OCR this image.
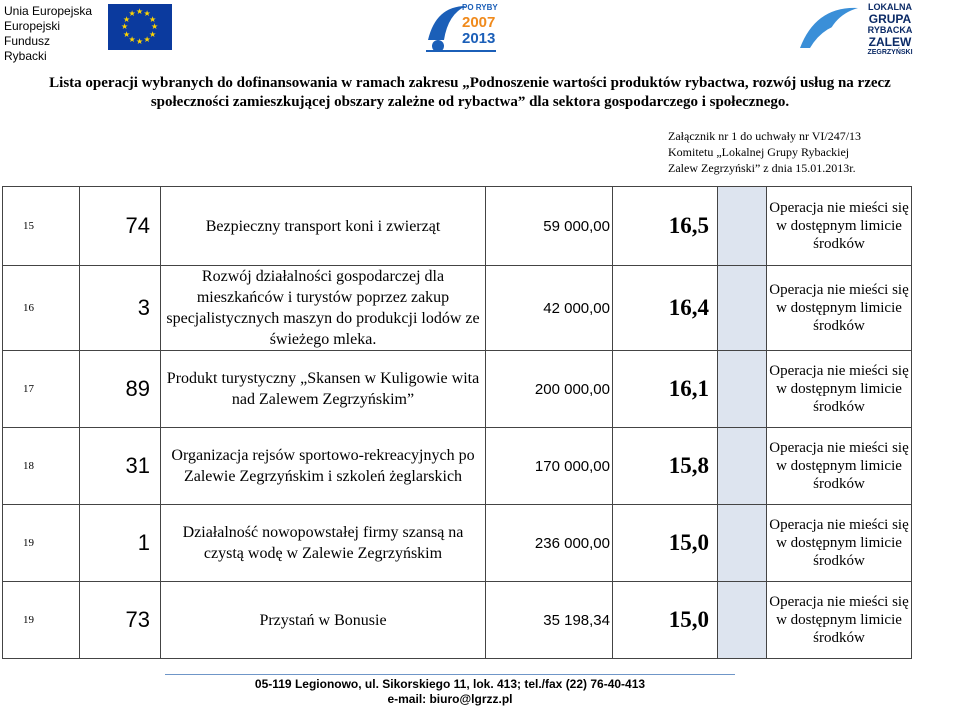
Unia Europejska
Europejski
Fundusz Rybacki
★
★
★
★
★
★
★
★
★ ★ ★
★
PO RYBY
2007
2013
LOKALNA
GRUPA
RYBACKA
ZALEW
ZEGRZYŃSKI
Lista operacji wybranych do dofinansowania w ramach zakresu „Podnoszenie wartości produktów rybactwa, rozwój usług na rzecz społeczności zamieszkującej obszary zależne od rybactwa” dla sektora gospodarczego i społecznego.
Załącznik nr 1 do uchwały nr VI/247/13
Komitetu „Lokalnej Grupy Rybackiej
Zalew Zegrzyński” z dnia 15.01.2013r.
15	74	Bezpieczny transport koni i zwierząt	59 000,00	16,5		Operacja nie mieści się w dostępnym limicie środków
16	3	Rozwój działalności gospodarczej dla mieszkańców i turystów poprzez zakup specjalistycznych maszyn do produkcji lodów ze świeżego mleka.	42 000,00	16,4		Operacja nie mieści się w dostępnym limicie środków
17	89	Produkt turystyczny „Skansen w Kuligowie wita nad Zalewem Zegrzyńskim”	200 000,00	16,1		Operacja nie mieści się w dostępnym limicie środków
18	31	Organizacja rejsów sportowo-rekreacyjnych po Zalewie Zegrzyńskim i szkoleń żeglarskich	170 000,00	15,8		Operacja nie mieści się w dostępnym limicie środków
19	1	Działalność nowopowstałej firmy szansą na czystą wodę w Zalewie Zegrzyńskim	236 000,00	15,0		Operacja nie mieści się w dostępnym limicie środków
19	73	Przystań w Bonusie	35 198,34	15,0		Operacja nie mieści się w dostępnym limicie środków
05-119 Legionowo, ul. Sikorskiego 11, lok. 413; tel./fax (22) 76-40-413
e-mail: biuro@lgrzz.pl
